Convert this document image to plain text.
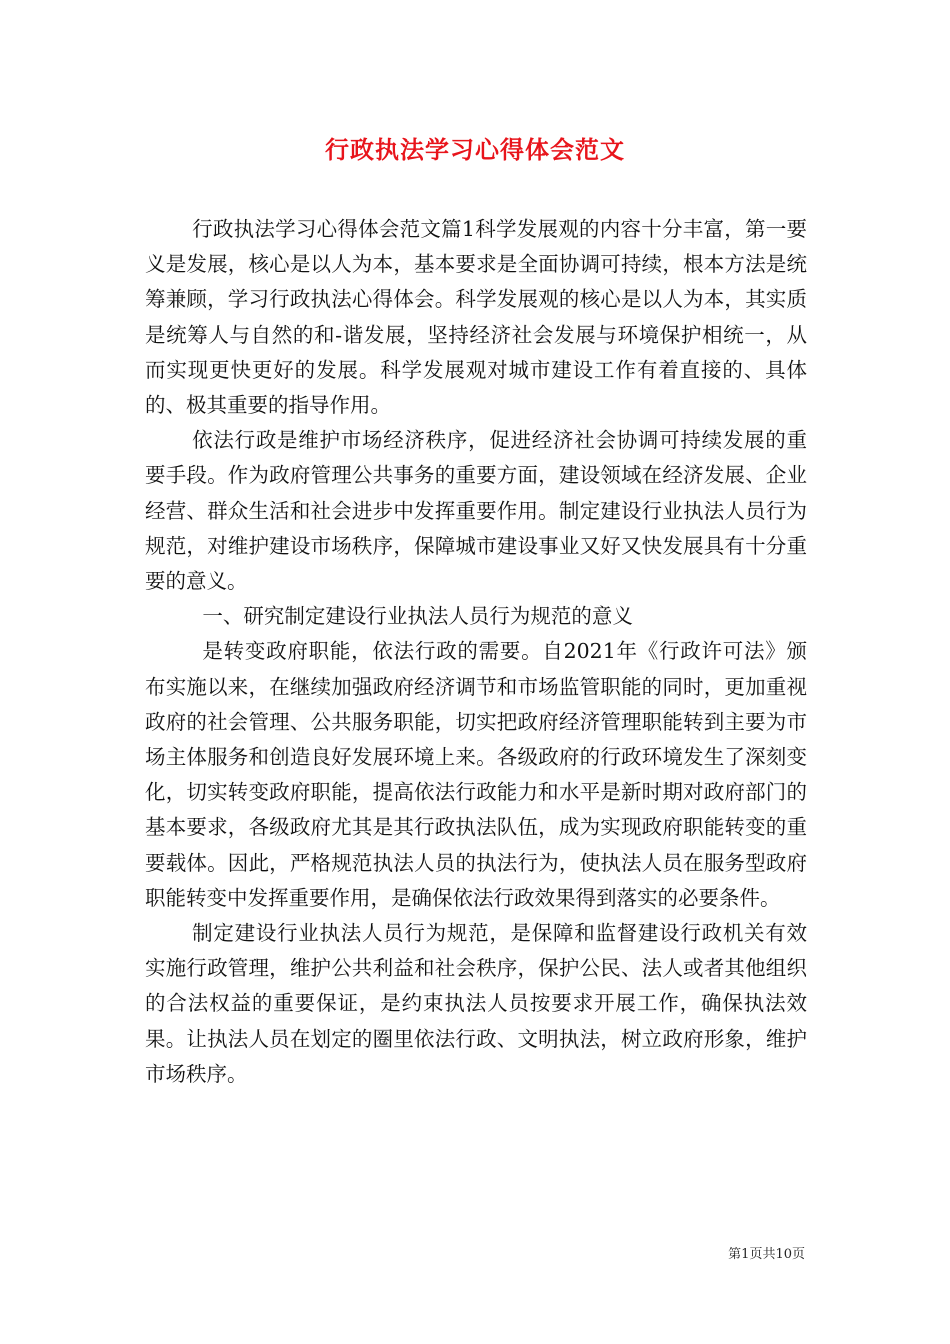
行政执法学习心得体会范文

行政执法学习心得体会范文篇1科学发展观的内容十分丰富，第一要义是发展，核心是以人为本，基本要求是全面协调可持续，根本方法是统筹兼顾，学习行政执法心得体会。科学发展观的核心是以人为本，其实质是统筹人与自然的和-谐发展，坚持经济社会发展与环境保护相统一，从而实现更快更好的发展。科学发展观对城市建设工作有着直接的、具体的、极其重要的指导作用。

依法行政是维护市场经济秩序，促进经济社会协调可持续发展的重要手段。作为政府管理公共事务的重要方面，建设领域在经济发展、企业经营、群众生活和社会进步中发挥重要作用。制定建设行业执法人员行为规范，对维护建设市场秩序，保障城市建设事业又好又快发展具有十分重要的意义。

一、研究制定建设行业执法人员行为规范的意义

是转变政府职能，依法行政的需要。自2021年《行政许可法》颁布实施以来，在继续加强政府经济调节和市场监管职能的同时，更加重视政府的社会管理、公共服务职能，切实把政府经济管理职能转到主要为市场主体服务和创造良好发展环境上来。各级政府的行政环境发生了深刻变化，切实转变政府职能，提高依法行政能力和水平是新时期对政府部门的基本要求，各级政府尤其是其行政执法队伍，成为实现政府职能转变的重要载体。因此，严格规范执法人员的执法行为，使执法人员在服务型政府职能转变中发挥重要作用，是确保依法行政效果得到落实的必要条件。

制定建设行业执法人员行为规范，是保障和监督建设行政机关有效实施行政管理，维护公共利益和社会秩序，保护公民、法人或者其他组织的合法权益的重要保证，是约束执法人员按要求开展工作，确保执法效果。让执法人员在划定的圈里依法行政、文明执法，树立政府形象，维护市场秩序。

第1页共10页
